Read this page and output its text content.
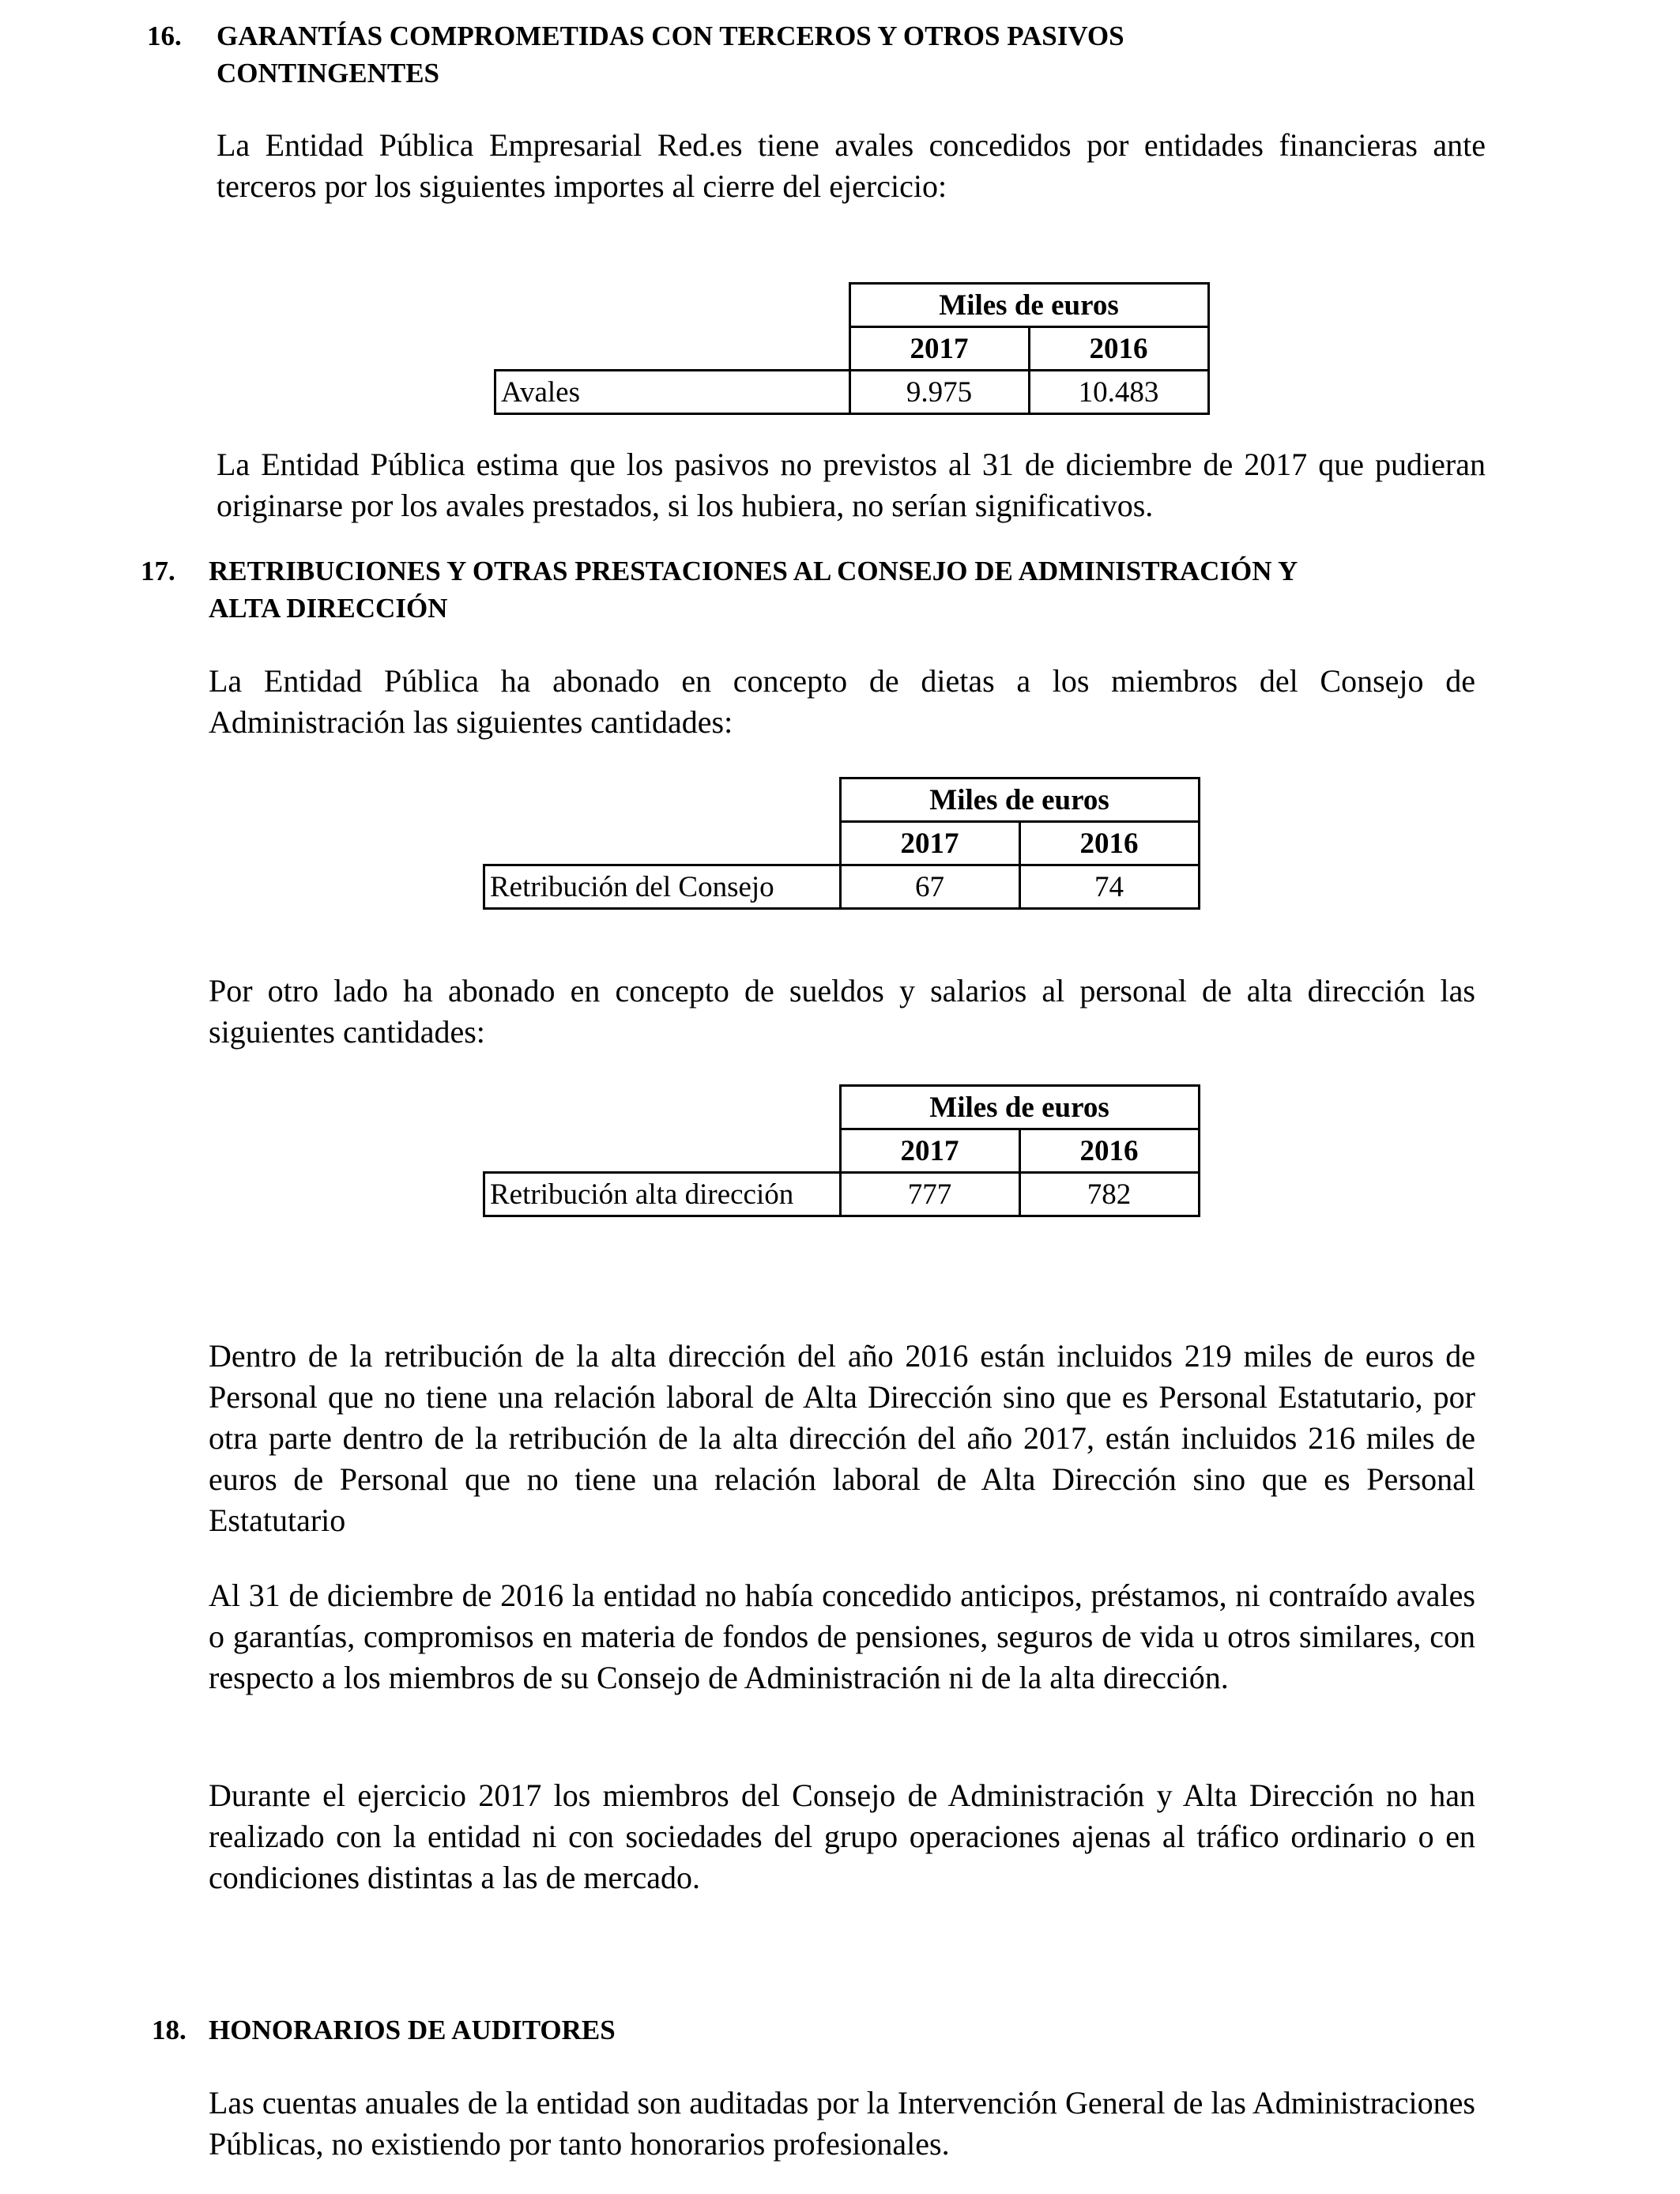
16.	GARANTÍAS COMPROMETIDAS CON TERCEROS Y OTROS PASIVOS
CONTINGENTES

La Entidad Pública Empresarial Red.es tiene avales concedidos por entidades financieras ante terceros por los siguientes importes al cierre del ejercicio:

	Miles de euros	
	2017	2016
Avales	9.975	10.483

La Entidad Pública estima que los pasivos no previstos al 31 de diciembre de 2017 que pudieran originarse por los avales prestados, si los hubiera, no serían significativos.

17.	RETRIBUCIONES Y OTRAS PRESTACIONES AL CONSEJO DE ADMINISTRACIÓN Y
ALTA DIRECCIÓN

La Entidad Pública ha abonado en concepto de dietas a los miembros del Consejo de Administración las siguientes cantidades:

	Miles de euros	
	2017	2016
Retribución del Consejo	67	74

Por otro lado ha abonado en concepto de sueldos y salarios al personal de alta dirección las siguientes cantidades:

	Miles de euros	
	2017	2016
Retribución alta dirección	777	782

Dentro de la retribución de la alta dirección del año 2016 están incluidos 219 miles de euros de Personal que no tiene una relación laboral de Alta Dirección sino que es Personal Estatutario, por otra parte dentro de la retribución de la alta dirección del año 2017, están incluidos 216 miles de euros de Personal que no tiene una relación laboral de Alta Dirección sino que es Personal Estatutario

Al 31 de diciembre de 2016 la entidad no había concedido anticipos, préstamos, ni contraído avales o garantías, compromisos en materia de fondos de pensiones, seguros de vida u otros similares, con respecto a los miembros de su Consejo de Administración ni de la alta dirección.

Durante el ejercicio 2017 los miembros del Consejo de Administración y Alta Dirección no han realizado con la entidad ni con sociedades del grupo operaciones ajenas al tráfico ordinario o en condiciones distintas a las de mercado.

18. HONORARIOS DE AUDITORES

Las cuentas anuales de la entidad son auditadas por la Intervención General de las Administraciones Públicas, no existiendo por tanto honorarios profesionales.
